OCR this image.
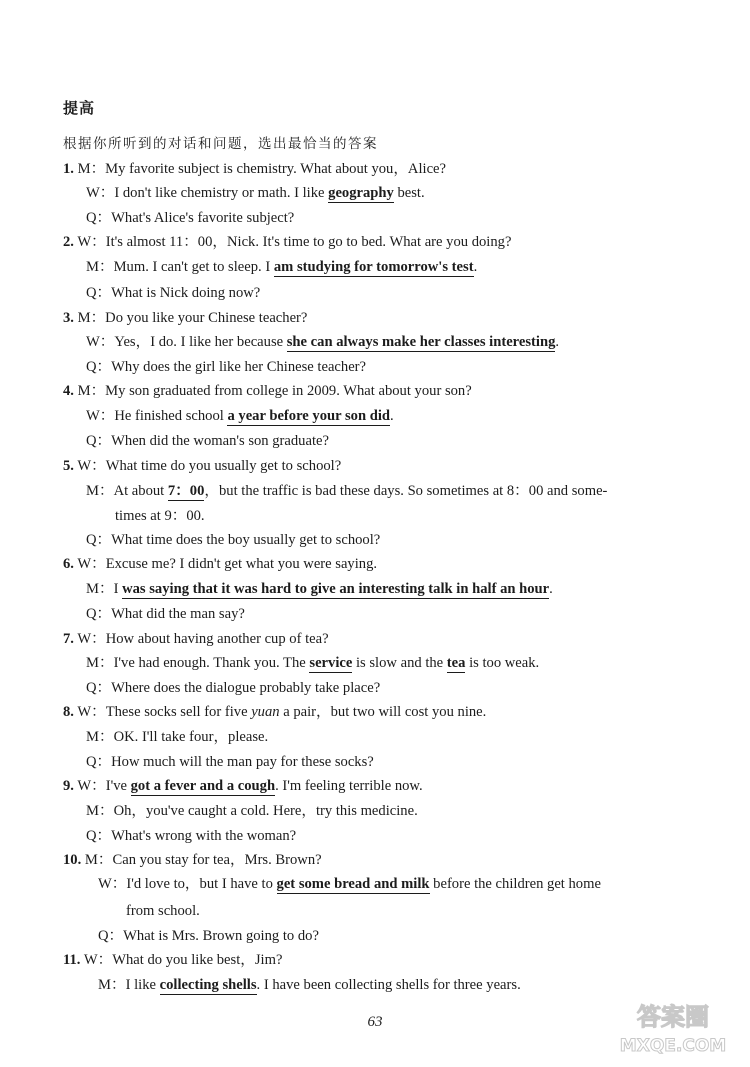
提高
根据你所听到的对话和问题，选出最恰当的答案
1. M：My favorite subject is chemistry. What about you，Alice?
W：I don't like chemistry or math. I like geography best.
Q：What's Alice's favorite subject?
2. W：It's almost 11：00，Nick. It's time to go to bed. What are you doing?
M：Mum. I can't get to sleep. I am studying for tomorrow's test.
Q：What is Nick doing now?
3. M：Do you like your Chinese teacher?
W：Yes，I do. I like her because she can always make her classes interesting.
Q：Why does the girl like her Chinese teacher?
4. M：My son graduated from college in 2009. What about your son?
W：He finished school a year before your son did.
Q：When did the woman's son graduate?
5. W：What time do you usually get to school?
M：At about 7：00，but the traffic is bad these days. So sometimes at 8：00 and some-
times at 9：00.
Q：What time does the boy usually get to school?
6. W：Excuse me? I didn't get what you were saying.
M：I was saying that it was hard to give an interesting talk in half an hour.
Q：What did the man say?
7. W：How about having another cup of tea?
M：I've had enough. Thank you. The service is slow and the tea is too weak.
Q：Where does the dialogue probably take place?
8. W：These socks sell for five yuan a pair，but two will cost you nine.
M：OK. I'll take four，please.
Q：How much will the man pay for these socks?
9. W：I've got a fever and a cough. I'm feeling terrible now.
M：Oh，you've caught a cold. Here，try this medicine.
Q：What's wrong with the woman?
10. M：Can you stay for tea，Mrs. Brown?
W：I'd love to，but I have to get some bread and milk before the children get home
from school.
Q：What is Mrs. Brown going to do?
11. W：What do you like best，Jim?
M：I like collecting shells. I have been collecting shells for three years.
63	答案圈
MXQE.COM
